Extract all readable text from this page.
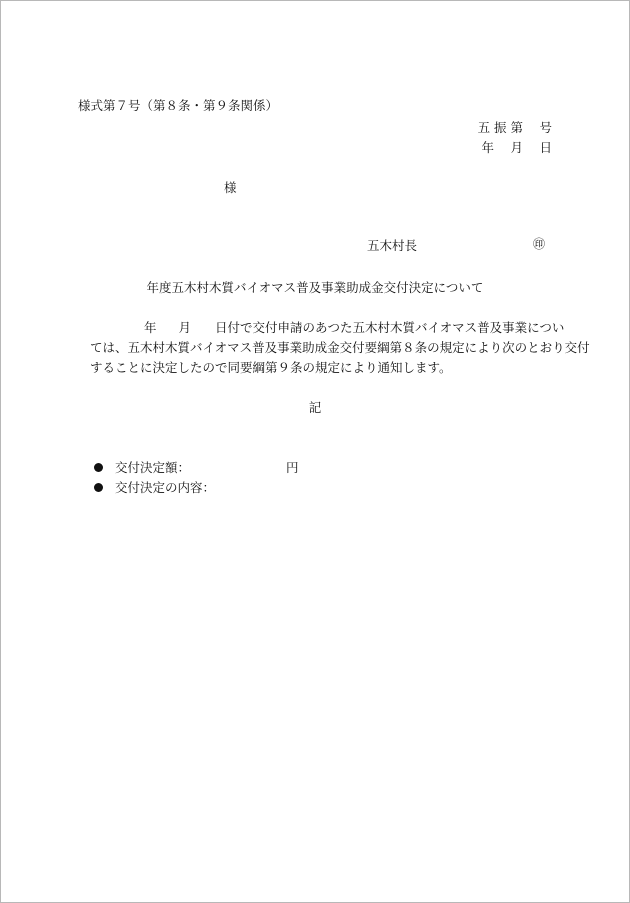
様式第７号（第８条・第９条関係）
五 振 第　 号
年　 月　 日
様
五木村長	㊞
年度五木村木質バイオマス普及事業助成金交付決定について
年 月 日付で交付申請のあつた五木村木質バイオマス普及事業につい
ては、五木村木質バイオマス普及事業助成金交付要綱第８条の規定により次のとおり交付
することに決定したので同要綱第９条の規定により通知します。
記
交付決定額：	円
交付決定の内容：
